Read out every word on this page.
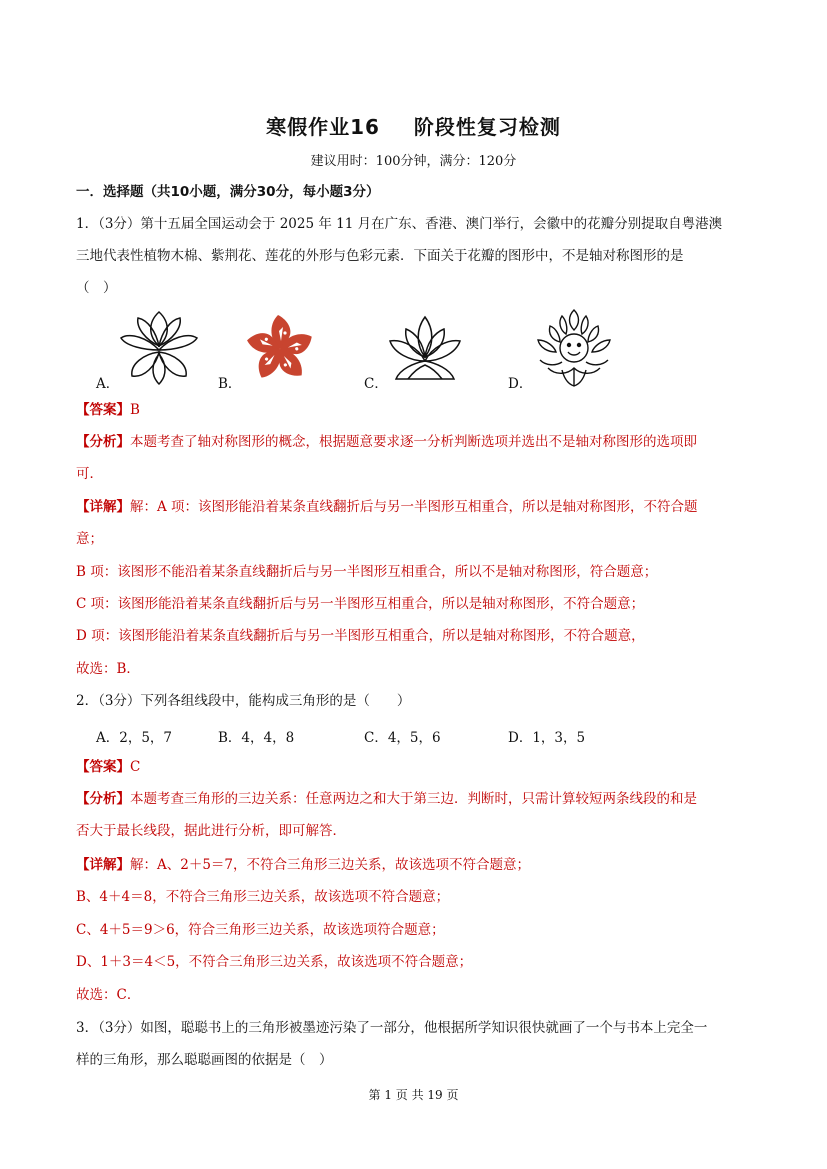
寒假作业16 阶段性复习检测
建议用时：100分钟，满分：120分
一．选择题（共10小题，满分30分，每小题3分）
1．（3分）第十五届全国运动会于 2025 年 11 月在广东、香港、澳门举行，会徽中的花瓣分别提取自粤港澳
三地代表性植物木棉、紫荆花、莲花的外形与色彩元素．下面关于花瓣的图形中，不是轴对称图形的是
（　）
A．	B．	C．	D．
【答案】B
【分析】本题考查了轴对称图形的概念，根据题意要求逐一分析判断选项并选出不是轴对称图形的选项即
可．
【详解】解：A 项：该图形能沿着某条直线翻折后与另一半图形互相重合，所以是轴对称图形，不符合题
意；
B 项：该图形不能沿着某条直线翻折后与另一半图形互相重合，所以不是轴对称图形，符合题意；
C 项：该图形能沿着某条直线翻折后与另一半图形互相重合，所以是轴对称图形，不符合题意；
D 项：该图形能沿着某条直线翻折后与另一半图形互相重合，所以是轴对称图形，不符合题意，
故选：B．
2．（3分）下列各组线段中，能构成三角形的是（　　）
A．2，5，7	B．4，4，8	C．4，5，6	D．1，3，5
【答案】C
【分析】本题考查三角形的三边关系：任意两边之和大于第三边．判断时，只需计算较短两条线段的和是
否大于最长线段，据此进行分析，即可解答．
【详解】解：A、2＋5＝7，不符合三角形三边关系，故该选项不符合题意；
B、4＋4＝8，不符合三角形三边关系，故该选项不符合题意；
C、4＋5＝9＞6，符合三角形三边关系，故该选项符合题意；
D、1＋3＝4＜5，不符合三角形三边关系，故该选项不符合题意；
故选：C．
3．（3分）如图，聪聪书上的三角形被墨迹污染了一部分，他根据所学知识很快就画了一个与书本上完全一
样的三角形，那么聪聪画图的依据是（　）
第 1 页 共 19 页
